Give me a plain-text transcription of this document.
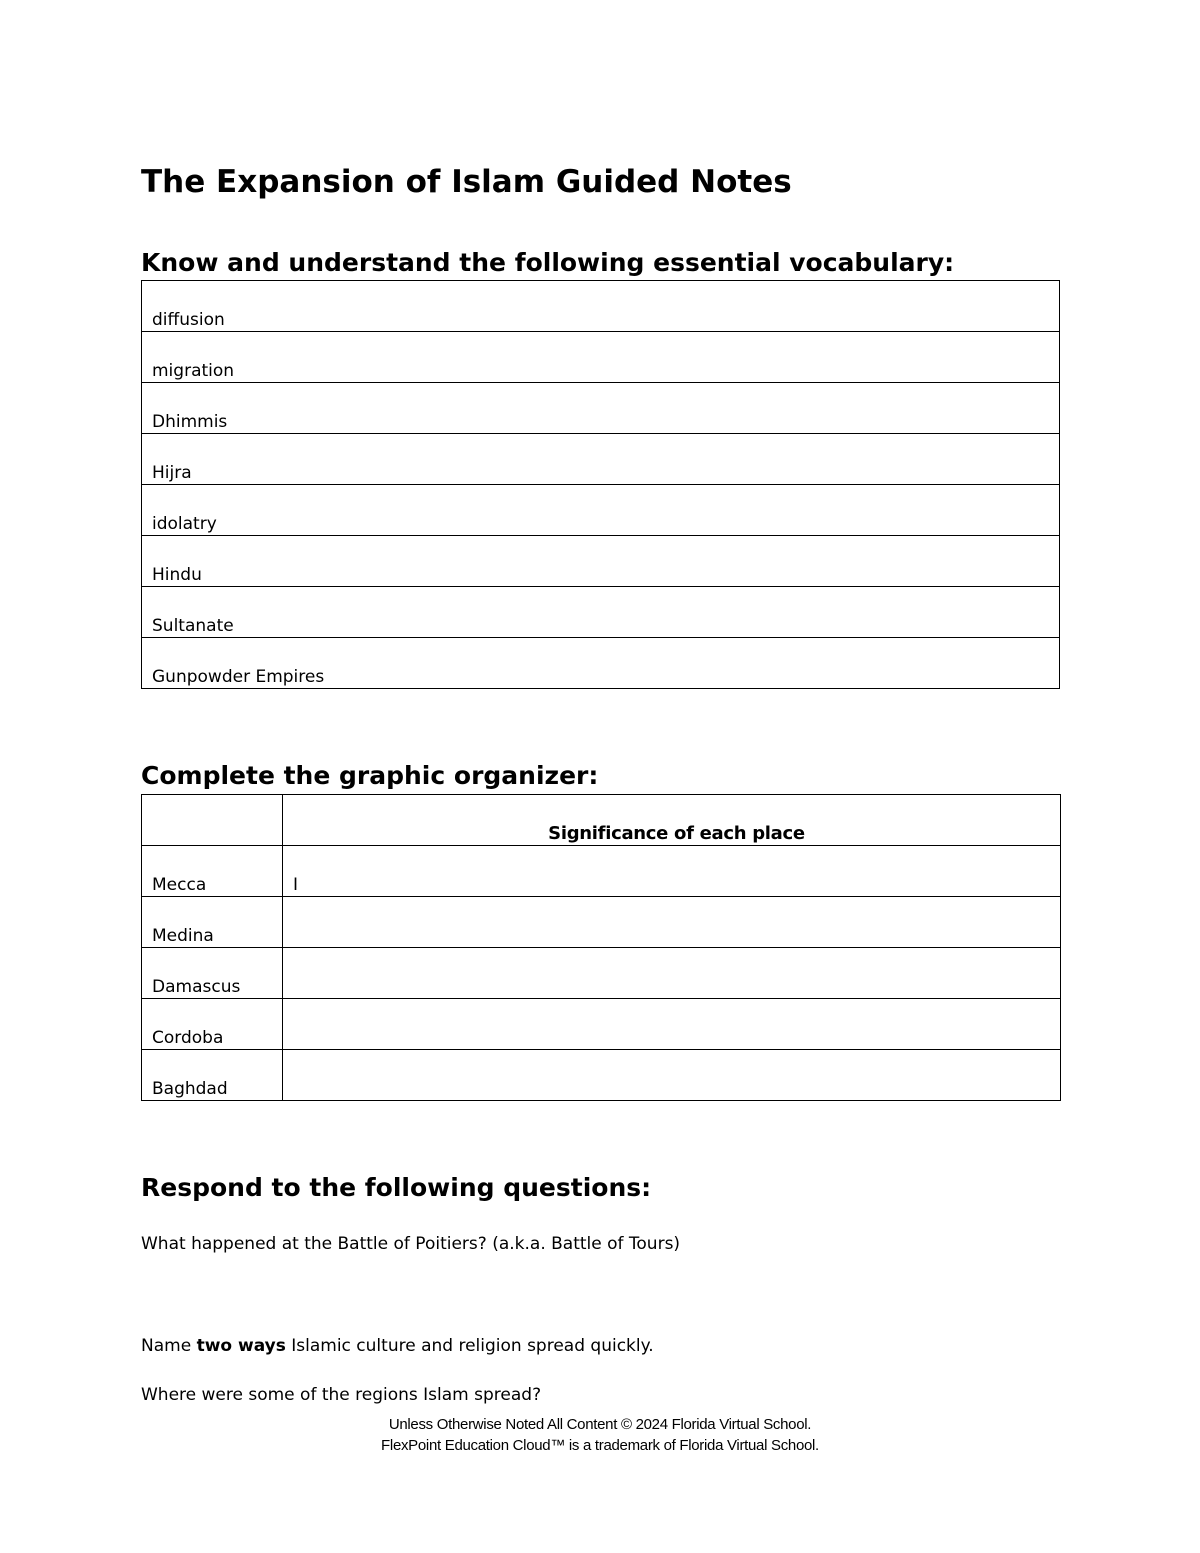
The Expansion of Islam Guided Notes
Know and understand the following essential vocabulary:
diffusion

migration

Dhimmis

Hijra

idolatry

Hindu

Sultanate

Gunpowder Empires
Complete the graphic organizer:

	Significance of each place

Mecca	I

Medina	

Damascus	

Cordoba	

Baghdad	

Respond to the following questions:

What happened at the Battle of Poitiers? (a.k.a. Battle of Tours)

Name two ways Islamic culture and religion spread quickly.

Where were some of the regions Islam spread?

Unless Otherwise Noted All Content © 2024 Florida Virtual School.
FlexPoint Education Cloud™ is a trademark of Florida Virtual School.
